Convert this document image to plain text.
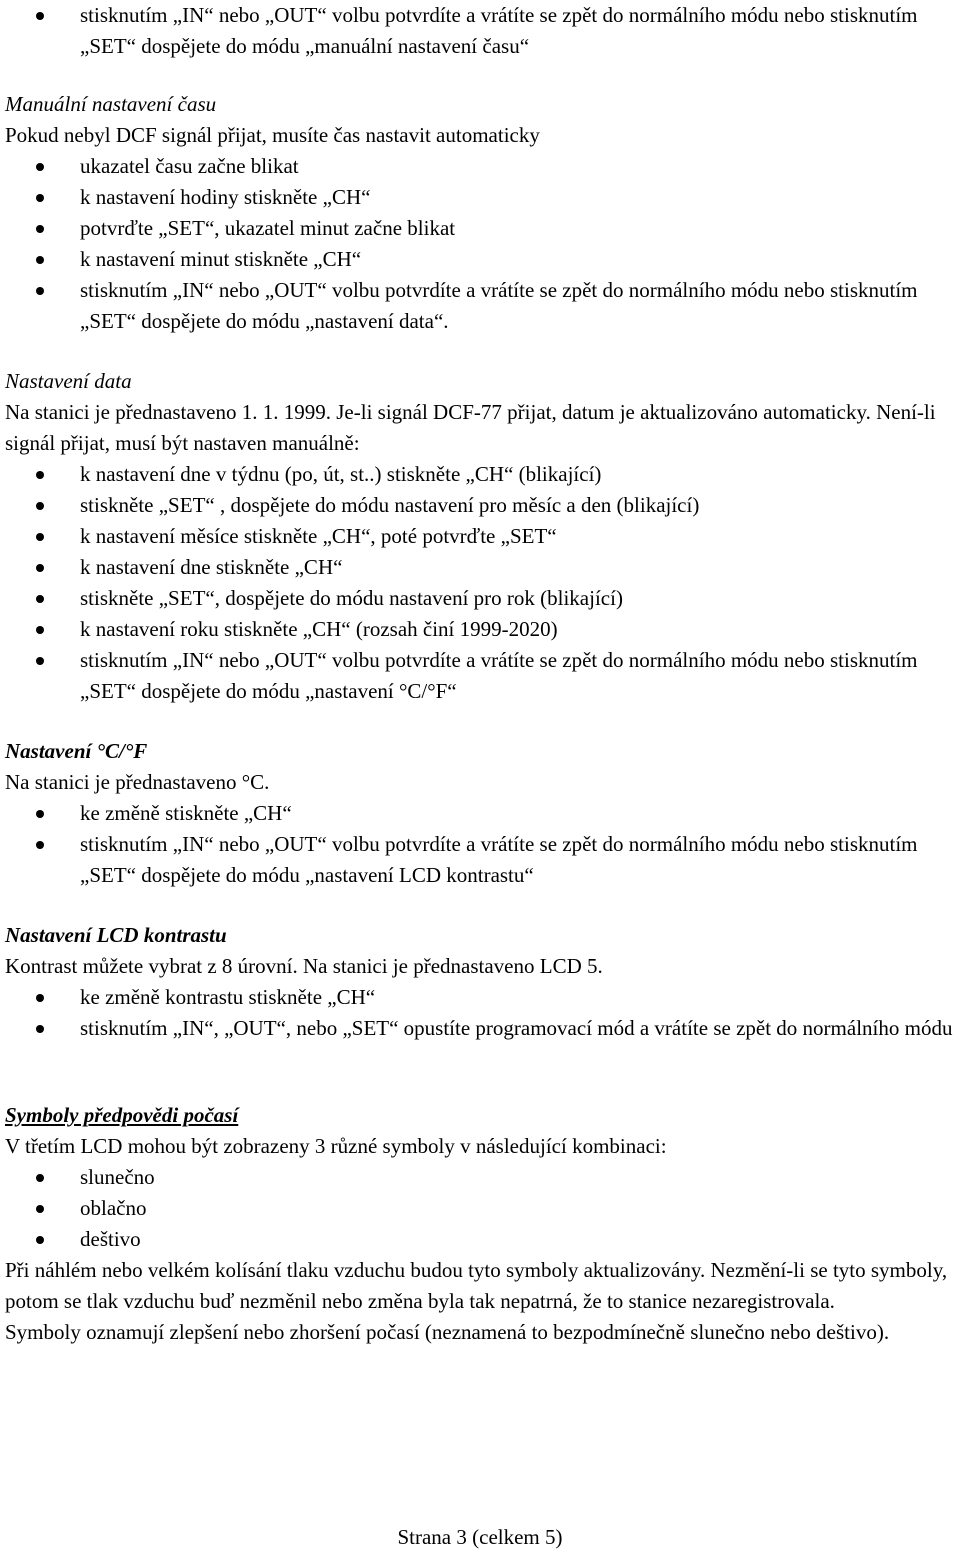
stisknutím „IN“ nebo „OUT“ volbu potvrdíte a vrátíte se zpět do normálního módu nebo stisknutím „SET“ dospějete do módu „manuální nastavení času“

Manuální nastavení času

Pokud nebyl DCF signál přijat, musíte čas nastavit automaticky

ukazatel času začne blikat
k nastavení hodiny stiskněte „CH“
potvrďte „SET“, ukazatel minut začne blikat
k nastavení minut stiskněte „CH“
stisknutím „IN“ nebo „OUT“ volbu potvrdíte a vrátíte se zpět do normálního módu nebo stisknutím „SET“ dospějete do módu „nastavení data“.

Nastavení data

Na stanici je přednastaveno 1. 1. 1999. Je-li signál DCF-77 přijat, datum je aktualizováno automaticky. Není-li signál přijat, musí být nastaven manuálně:

k nastavení dne v týdnu (po, út, st..) stiskněte „CH“ (blikající)
stiskněte „SET“ , dospějete do módu nastavení pro měsíc a den (blikající)
k nastavení měsíce stiskněte „CH“, poté potvrďte „SET“
k nastavení dne stiskněte „CH“
stiskněte „SET“, dospějete do módu nastavení pro rok (blikající)
k nastavení roku stiskněte „CH“ (rozsah činí 1999-2020)
stisknutím „IN“ nebo „OUT“ volbu potvrdíte a vrátíte se zpět do normálního módu nebo stisknutím „SET“ dospějete do módu „nastavení °C/°F“

Nastavení °C/°F

Na stanici je přednastaveno °C.

ke změně stiskněte „CH“
stisknutím „IN“ nebo „OUT“ volbu potvrdíte a vrátíte se zpět do normálního módu nebo stisknutím „SET“ dospějete do módu „nastavení LCD kontrastu“

Nastavení LCD kontrastu

Kontrast můžete vybrat z 8 úrovní. Na stanici je přednastaveno LCD 5.

ke změně kontrastu stiskněte „CH“
stisknutím „IN“, „OUT“, nebo „SET“ opustíte programovací mód a vrátíte se zpět do normálního módu

Symboly předpovědi počasí

V třetím LCD mohou být zobrazeny 3 různé symboly v následující kombinaci:

slunečno
oblačno
deštivo

Při náhlém nebo velkém kolísání tlaku vzduchu budou tyto symboly aktualizovány. Nezmění-li se tyto symboly, potom se tlak vzduchu buď nezměnil nebo změna byla tak nepatrná, že to stanice nezaregistrovala.

Symboly oznamují zlepšení nebo zhoršení počasí (neznamená to bezpodmínečně slunečno nebo deštivo).

Strana 3 (celkem 5)
